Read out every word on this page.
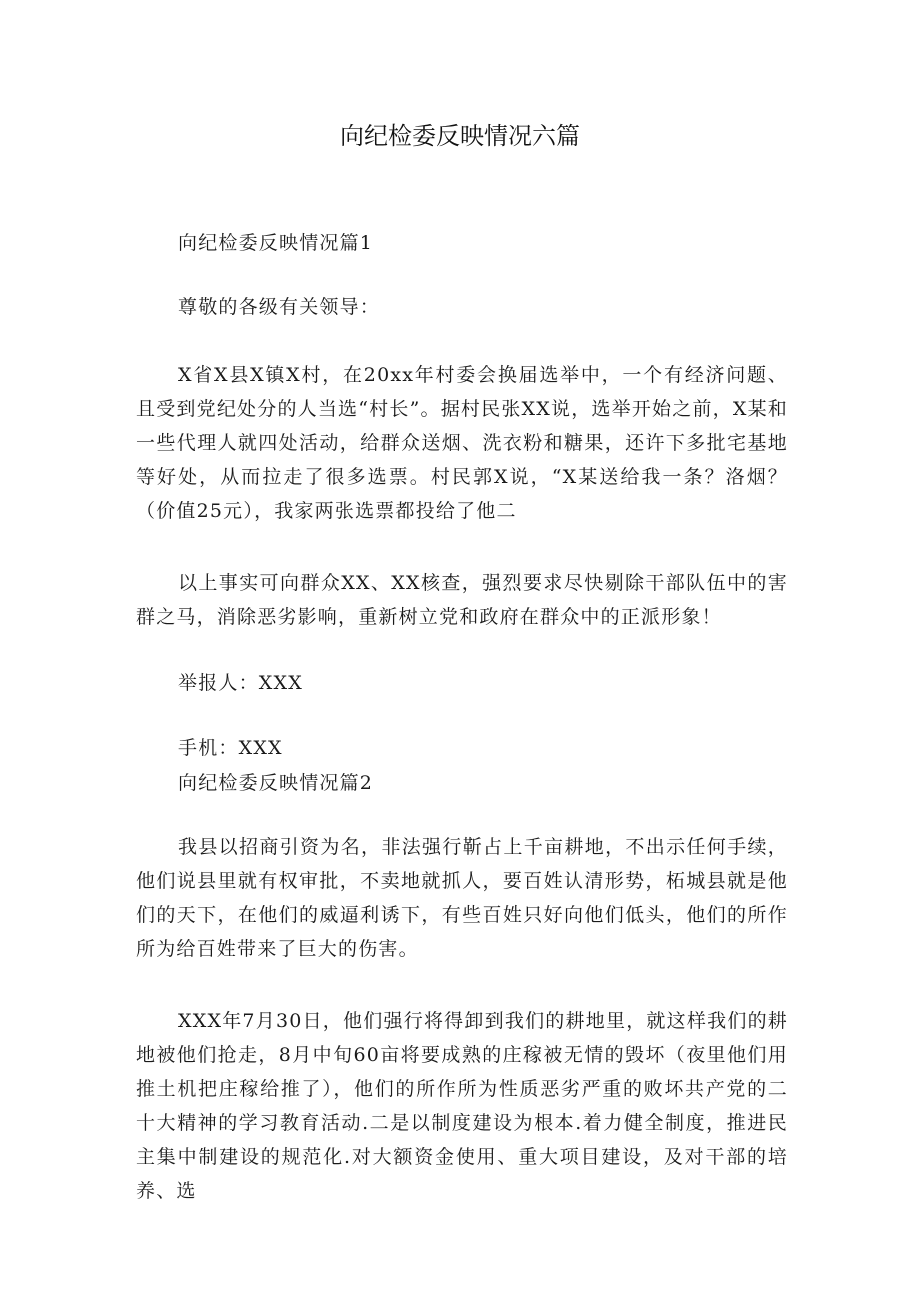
向纪检委反映情况六篇
向纪检委反映情况篇1
尊敬的各级有关领导：

X省X县X镇X村，在20xx年村委会换届选举中，一个有经济问题、且受到党纪处分的人当选“村长”。据村民张XX说，选举开始之前，X某和一些代理人就四处活动，给群众送烟、洗衣粉和糖果，还许下多批宅基地等好处，从而拉走了很多选票。村民郭X说，“X某送给我一条？洛烟？（价值25元），我家两张选票都投给了他二

以上事实可向群众XX、XX核查，强烈要求尽快剔除干部队伍中的害群之马，消除恶劣影响，重新树立党和政府在群众中的正派形象！

举报人：XXX
手机：XXX
向纪检委反映情况篇2

我县以招商引资为名，非法强行靳占上千亩耕地，不出示任何手续，他们说县里就有权审批，不卖地就抓人，要百姓认清形势，柘城县就是他们的天下，在他们的威逼利诱下，有些百姓只好向他们低头，他们的所作所为给百姓带来了巨大的伤害。

XXX年7月30日，他们强行将得卸到我们的耕地里，就这样我们的耕地被他们抢走，8月中旬60亩将要成熟的庄稼被无情的毁坏（夜里他们用推土机把庄稼给推了），他们的所作所为性质恶劣严重的败坏共产党的二十大精神的学习教育活动.二是以制度建设为根本.着力健全制度，推进民主集中制建设的规范化.对大额资金使用、重大项目建设，及对干部的培养、选
